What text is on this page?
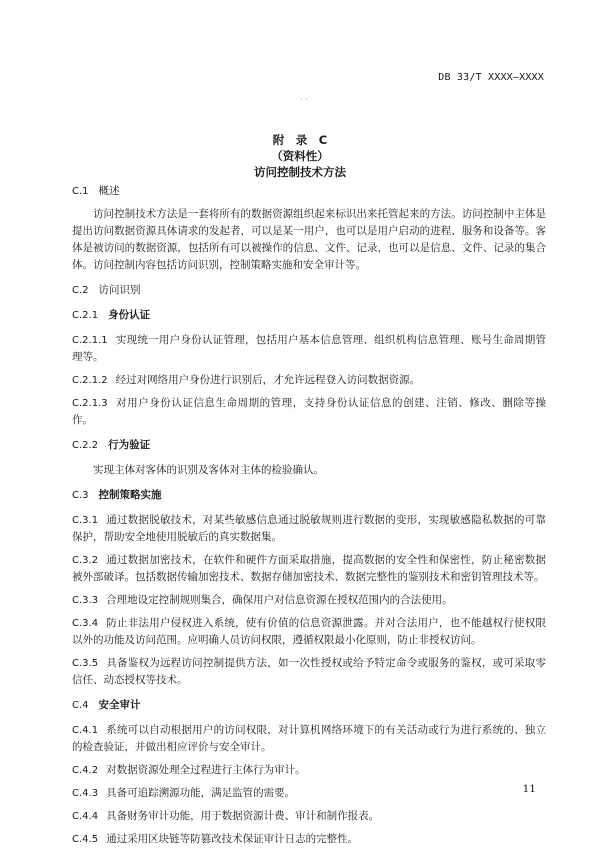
DB 33/T XXXX—XXXX
· ·
附　录　C
（资料性）
访问控制技术方法

C.1 概述

访问控制技术方法是一套将所有的数据资源组织起来标识出来托管起来的方法。访问控制中主体是提出访问数据资源具体请求的发起者，可以是某一用户，也可以是用户启动的进程、服务和设备等。客体是被访问的数据资源，包括所有可以被操作的信息、文件、记录，也可以是信息、文件、记录的集合体。访问控制内容包括访问识别，控制策略实施和安全审计等。

C.2 访问识别

C.2.1 身份认证

C.2.1.1 实现统一用户身份认证管理，包括用户基本信息管理、组织机构信息管理、账号生命周期管理等。

C.2.1.2 经过对网络用户身份进行识别后，才允许远程登入访问数据资源。

C.2.1.3 对用户身份认证信息生命周期的管理，支持身份认证信息的创建、注销、修改、删除等操作。

C.2.2 行为验证

实现主体对客体的识别及客体对主体的检验确认。

C.3 控制策略实施

C.3.1 通过数据脱敏技术，对某些敏感信息通过脱敏规则进行数据的变形，实现敏感隐私数据的可靠保护，帮助安全地使用脱敏后的真实数据集。

C.3.2 通过数据加密技术，在软件和硬件方面采取措施，提高数据的安全性和保密性，防止秘密数据被外部破译。包括数据传输加密技术、数据存储加密技术、数据完整性的鉴别技术和密钥管理技术等。

C.3.3 合理地设定控制规则集合，确保用户对信息资源在授权范围内的合法使用。

C.3.4 防止非法用户侵权进入系统，使有价值的信息资源泄露。并对合法用户，也不能越权行使权限以外的功能及访问范围。应明确人员访问权限，遵循权限最小化原则，防止非授权访问。

C.3.5 具备鉴权为远程访问控制提供方法，如一次性授权或给予特定命令或服务的鉴权，或可采取零信任、动态授权等技术。

C.4 安全审计

C.4.1 系统可以自动根据用户的访问权限，对计算机网络环境下的有关活动或行为进行系统的、独立的检查验证，并做出相应评价与安全审计。

C.4.2 对数据资源处理全过程进行主体行为审计。

C.4.3 具备可追踪溯源功能，满足监管的需要。

C.4.4 具备财务审计功能，用于数据资源计费、审计和制作报表。

C.4.5 通过采用区块链等防篡改技术保证审计日志的完整性。

11
